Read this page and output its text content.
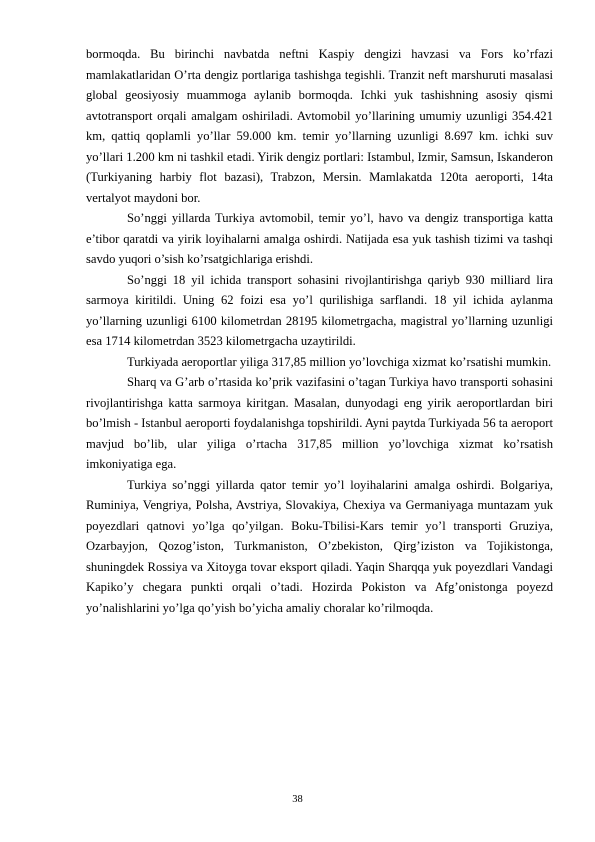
bormoqda. Bu birinchi navbatda neftni Kaspiy dengizi havzasi va Fors ko’rfazi mamlakatlaridan O’rta dengiz portlariga tashishga tegishli. Tranzit neft marshuruti masalasi global geosiyosiy muammoga aylanib bormoqda. Ichki yuk tashishning asosiy qismi avtotransport orqali amalgam oshiriladi. Avtomobil yo’llarining umumiy uzunligi 354.421 km, qattiq qoplamli yo’llar 59.000 km. temir yo’llarning uzunligi 8.697 km. ichki suv yo’llari 1.200 km ni tashkil etadi. Yirik dengiz portlari: Istambul, Izmir, Samsun, Iskanderon (Turkiyaning harbiy flot bazasi), Trabzon, Mersin. Mamlakatda 120ta aeroporti, 14ta vertalyot maydoni bor.

So’nggi yillarda Turkiya avtomobil, temir yo’l, havo va dengiz transportiga katta e’tibor qaratdi va yirik loyihalarni amalga oshirdi. Natijada esa yuk tashish tizimi va tashqi savdo yuqori o’sish ko’rsatgichlariga erishdi.

So’nggi 18 yil ichida transport sohasini rivojlantirishga qariyb 930 milliard lira sarmoya kiritildi. Uning 62 foizi esa yo’l qurilishiga sarflandi. 18 yil ichida aylanma yo’llarning uzunligi 6100 kilometrdan 28195 kilometrgacha, magistral yo’llarning uzunligi esa 1714 kilometrdan 3523 kilometrgacha uzaytirildi.

Turkiyada aeroportlar yiliga 317,85 million yo’lovchiga xizmat ko’rsatishi mumkin.

Sharq va G’arb o’rtasida ko’prik vazifasini o’tagan Turkiya havo transporti sohasini rivojlantirishga katta sarmoya kiritgan. Masalan, dunyodagi eng yirik aeroportlardan biri bo’lmish - Istanbul aeroporti foydalanishga topshirildi. Ayni paytda Turkiyada 56 ta aeroport mavjud bo’lib, ular yiliga o’rtacha 317,85 million yo’lovchiga xizmat ko’rsatish imkoniyatiga ega.

Turkiya so’nggi yillarda qator temir yo’l loyihalarini amalga oshirdi. Bolgariya, Ruminiya, Vengriya, Polsha, Avstriya, Slovakiya, Chexiya va Germaniyaga muntazam yuk poyezdlari qatnovi yo’lga qo’yilgan. Boku-Tbilisi-Kars temir yo’l transporti Gruziya, Ozarbayjon, Qozog’iston, Turkmaniston, O’zbekiston, Qirg’iziston va Tojikistonga, shuningdek Rossiya va Xitoyga tovar eksport qiladi. Yaqin Sharqqa yuk poyezdlari Vandagi Kapiko’y chegara punkti orqali o’tadi. Hozirda Pokiston va Afg’onistonga poyezd yo’nalishlarini yo’lga qo’yish bo’yicha amaliy choralar ko’rilmoqda.

38
